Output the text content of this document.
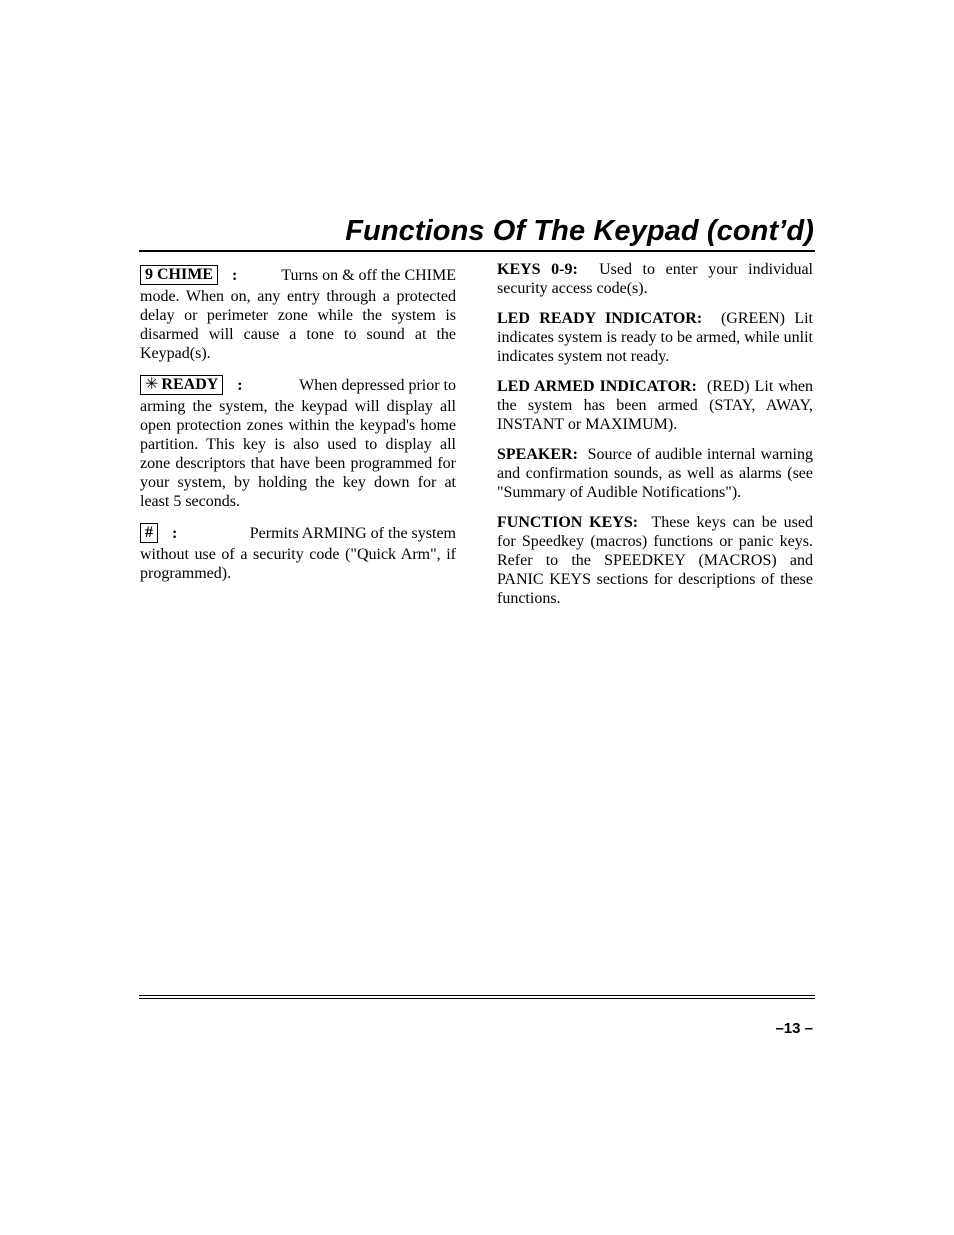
Functions Of The Keypad (cont’d)
9 CHIME	:	Turns on & off the CHIME

mode. When on, any entry through a protected delay or perimeter zone while the system is disarmed will cause a tone to sound at the Keypad(s).

✳ READY	:	When depressed prior to

arming the system, the keypad will display all open protection zones within the keypad's home partition. This key is also used to display all zone descriptors that have been programmed for your system, by holding the key down for at least 5 seconds.

#	:	Permits ARMING of the system

without use of a security code ("Quick Arm", if programmed).

KEYS 0-9: Used to enter your individual security access code(s).

LED READY INDICATOR: (GREEN) Lit indicates system is ready to be armed, while unlit indicates system not ready.

LED ARMED INDICATOR: (RED) Lit when the system has been armed (STAY, AWAY, INSTANT or MAXIMUM).

SPEAKER: Source of audible internal warning and confirmation sounds, as well as alarms (see "Summary of Audible Notifications").

FUNCTION KEYS: These keys can be used for Speedkey (macros) functions or panic keys. Refer to the SPEEDKEY (MACROS) and PANIC KEYS sections for descriptions of these functions.

–13 –
